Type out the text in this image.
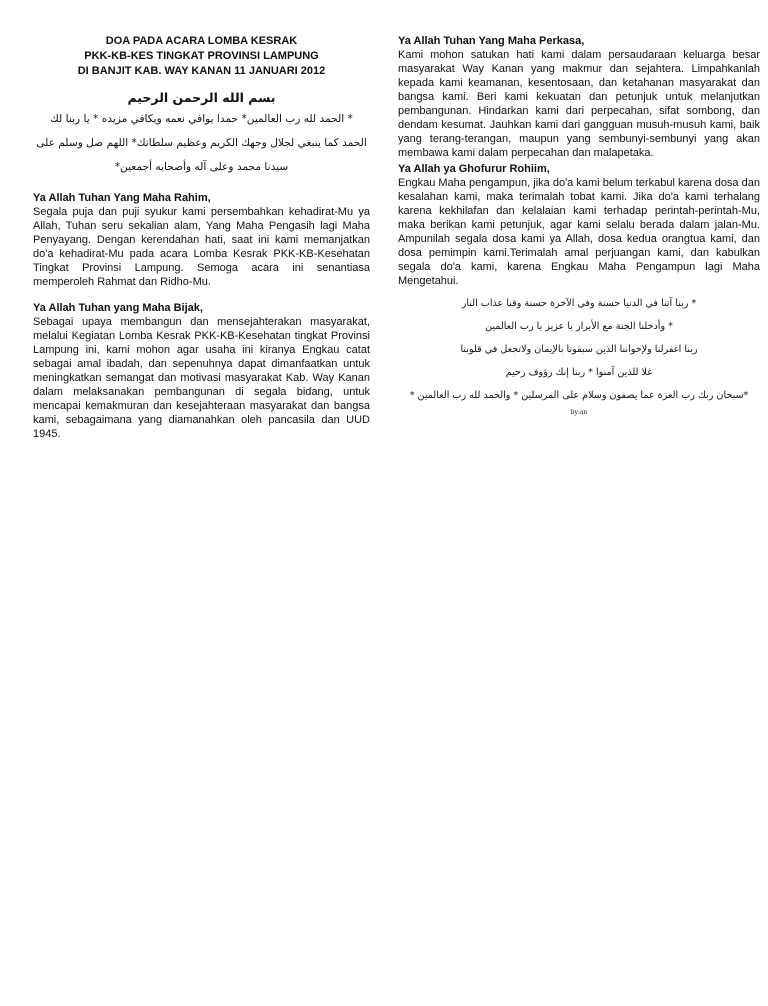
DOA PADA ACARA LOMBA KESRAK
PKK-KB-KES TINGKAT PROVINSI LAMPUNG
DI BANJIT KAB. WAY KANAN 11 JANUARI 2012
بسم الله الرحمن الرحيم
* الحمد لله رب العالمين* حمدا يوافي نعمه ويكافي مزيده * يا ربنا لك
الحمد كما ينبغي لجلال وجهك الكريم وعظيم سلطانك* اللهم صل وسلم على
سيدنا محمد وعلى آله وأصحابه أجمعين*
Ya Allah Tuhan Yang Maha Rahim,
Segala puja dan puji syukur kami persembahkan kehadirat-Mu ya Allah, Tuhan seru sekalian alam, Yang Maha Pengasih lagi Maha Penyayang. Dengan kerendahan hati, saat ini kami memanjatkan do'a kehadirat-Mu pada acara Lomba Kesrak PKK-KB-Kesehatan Tingkat Provinsi Lampung. Semoga acara ini senantiasa memperoleh Rahmat dan Ridho-Mu.
Ya Allah Tuhan yang Maha Bijak,
Sebagai upaya membangun dan mensejahterakan masyarakat, melalui Kegiatan Lomba Kesrak PKK-KB-Kesehatan tingkat Provinsi Lampung ini, kami mohon agar usaha ini kiranya Engkau catat sebagai amal ibadah, dan sepenuhnya dapat dimanfaatkan untuk meningkatkan semangat dan motivasi masyarakat Kab. Way Kanan dalam melaksanakan pembangunan di segala bidang, untuk mencapai kemakmuran dan kesejahteraan masyarakat dan bangsa kami, sebagaimana yang diamanahkan oleh pancasila dan UUD 1945.
Ya Allah Tuhan Yang Maha Perkasa,
Kami mohon satukan hati kami dalam persaudaraan keluarga besar masyarakat Way Kanan yang makmur dan sejahtera. Limpahkanlah kepada kami keamanan, kesentosaan, dan ketahanan masyarakat dan bangsa kami. Beri kami kekuatan dan petunjuk untuk melanjutkan pembangunan. Hindarkan kami dari perpecahan, sifat sombong, dan dendam kesumat. Jauhkan kami dari gangguan musuh-musuh kami, baik yang terang-terangan, maupun yang sembunyi-sembunyi yang akan membawa kami dalam perpecahan dan malapetaka.
Ya Allah ya Ghofurur Rohiim,
Engkau Maha pengampun, jika do'a kami belum terkabul karena dosa dan kesalahan kami, maka terimalah tobat kami. Jika do'a kami terhalang karena kekhilafan dan kelalaian kami terhadap perintah-perintah-Mu, maka berikan kami petunjuk, agar kami selalu berada dalam jalan-Mu. Ampunilah segala dosa kami ya Allah, dosa kedua orangtua kami, dan dosa pemimpin kami.Terimalah amal perjuangan kami, dan kabulkan segala do'a kami, karena Engkau Maha Pengampun lagi Maha Mengetahui.
* ربنا آتنا في الدنيا حسنة وفي الآخرة حسنة وقنا عذاب النار
* وأدخلنا الجنة مع الأبرار يا عزيز يا رب العالمين
ربنا اغفرلنا ولإخواننا الذين سبقونا بالإيمان ولاتجعل في قلوبنا
غلا للذين آمنوا * ربنا إنك رؤوف رحيم
*سبحان ربك رب العزة عما يصفون وسلام على المرسلين * والحمد لله رب العالمين *
by:an
